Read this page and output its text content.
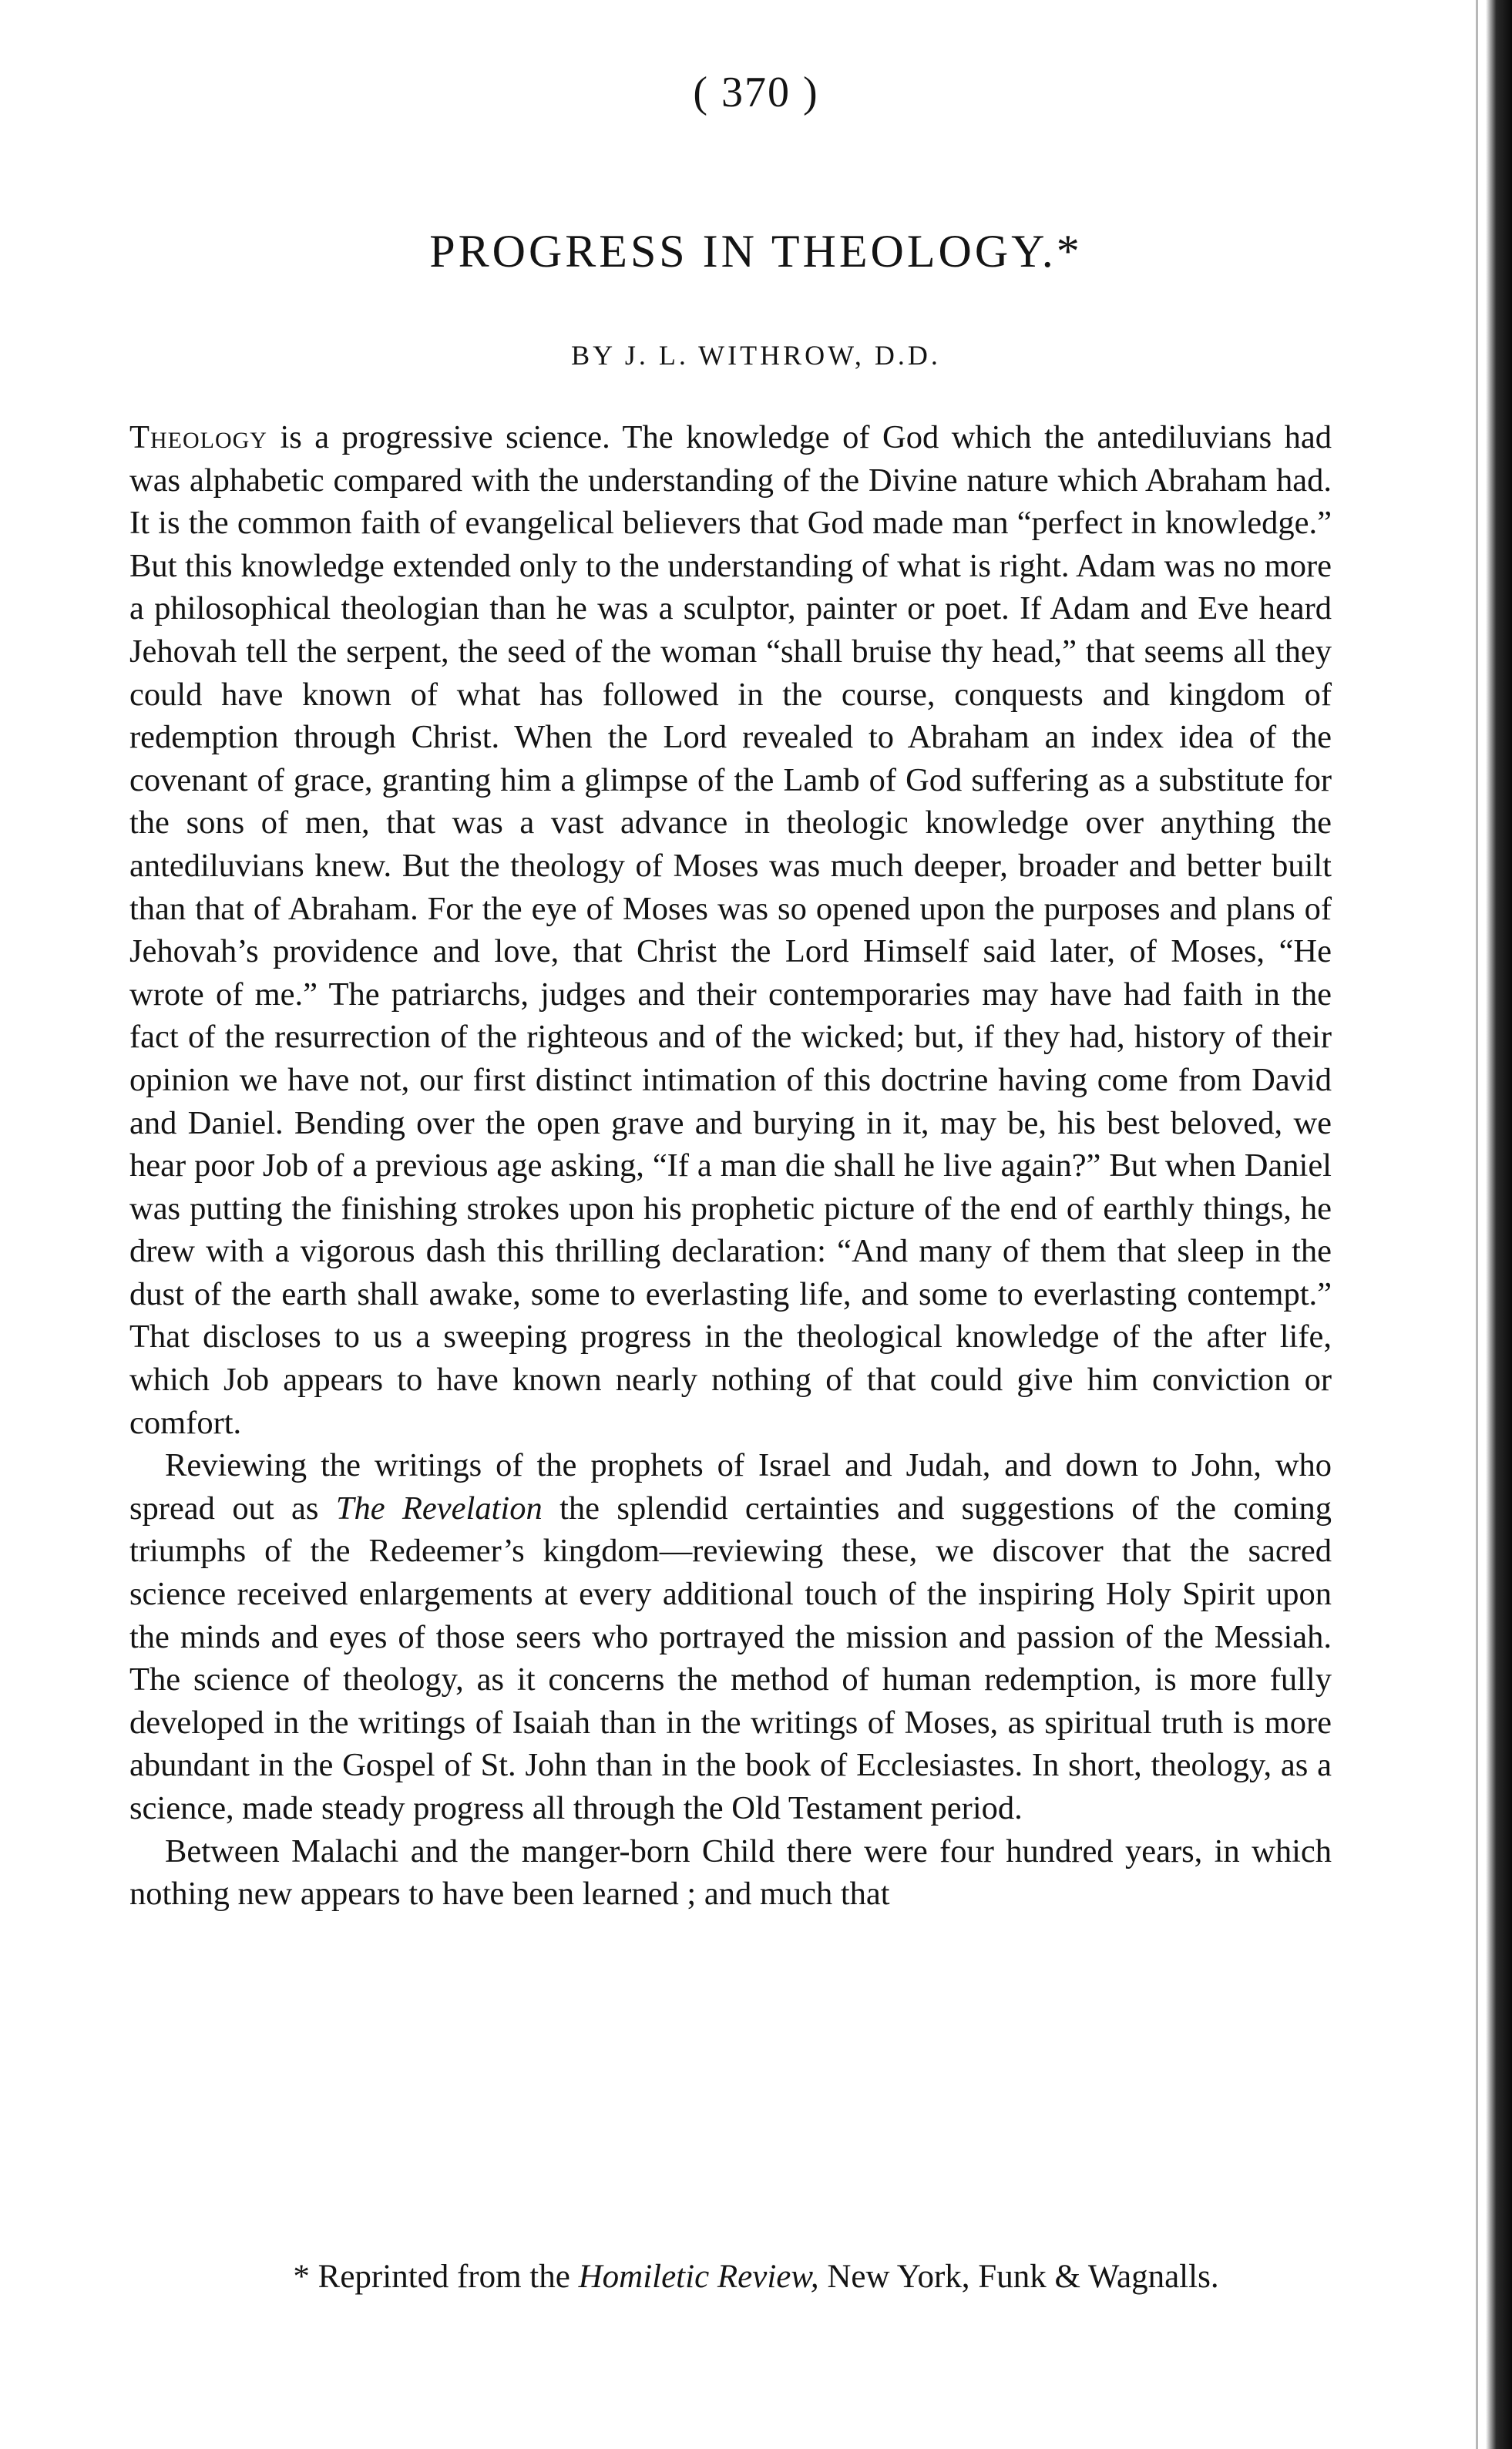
( 370 )
PROGRESS IN THEOLOGY.*
BY J. L. WITHROW, D.D.

Theology is a progressive science. The knowledge of God which the antediluvians had was alphabetic compared with the understanding of the Divine nature which Abraham had. It is the common faith of evangelical believers that God made man “perfect in knowledge.” But this knowledge extended only to the understanding of what is right. Adam was no more a philosophical theologian than he was a sculptor, painter or poet. If Adam and Eve heard Jehovah tell the serpent, the seed of the woman “shall bruise thy head,” that seems all they could have known of what has followed in the course, conquests and kingdom of redemption through Christ. When the Lord revealed to Abraham an index idea of the covenant of grace, granting him a glimpse of the Lamb of God suffering as a substitute for the sons of men, that was a vast advance in theologic knowledge over anything the antediluvians knew. But the theology of Moses was much deeper, broader and better built than that of Abraham. For the eye of Moses was so opened upon the purposes and plans of Jehovah’s providence and love, that Christ the Lord Himself said later, of Moses, “He wrote of me.” The patriarchs, judges and their contemporaries may have had faith in the fact of the resurrection of the righteous and of the wicked; but, if they had, history of their opinion we have not, our first distinct intimation of this doctrine having come from David and Daniel. Bending over the open grave and burying in it, may be, his best beloved, we hear poor Job of a previous age asking, “If a man die shall he live again?” But when Daniel was putting the finishing strokes upon his prophetic picture of the end of earthly things, he drew with a vigorous dash this thrilling declaration: “And many of them that sleep in the dust of the earth shall awake, some to everlasting life, and some to everlasting contempt.” That discloses to us a sweeping progress in the theological knowledge of the after life, which Job appears to have known nearly nothing of that could give him conviction or comfort.

Reviewing the writings of the prophets of Israel and Judah, and down to John, who spread out as The Revelation the splendid certainties and suggestions of the coming triumphs of the Redeemer’s kingdom—reviewing these, we discover that the sacred science received enlargements at every additional touch of the inspiring Holy Spirit upon the minds and eyes of those seers who portrayed the mission and passion of the Messiah. The science of theology, as it concerns the method of human redemption, is more fully developed in the writings of Isaiah than in the writings of Moses, as spiritual truth is more abundant in the Gospel of St. John than in the book of Ecclesiastes. In short, theology, as a science, made steady progress all through the Old Testament period.

Between Malachi and the manger-born Child there were four hundred years, in which nothing new appears to have been learned ; and much that

* Reprinted from the Homiletic Review, New York, Funk & Wagnalls.
